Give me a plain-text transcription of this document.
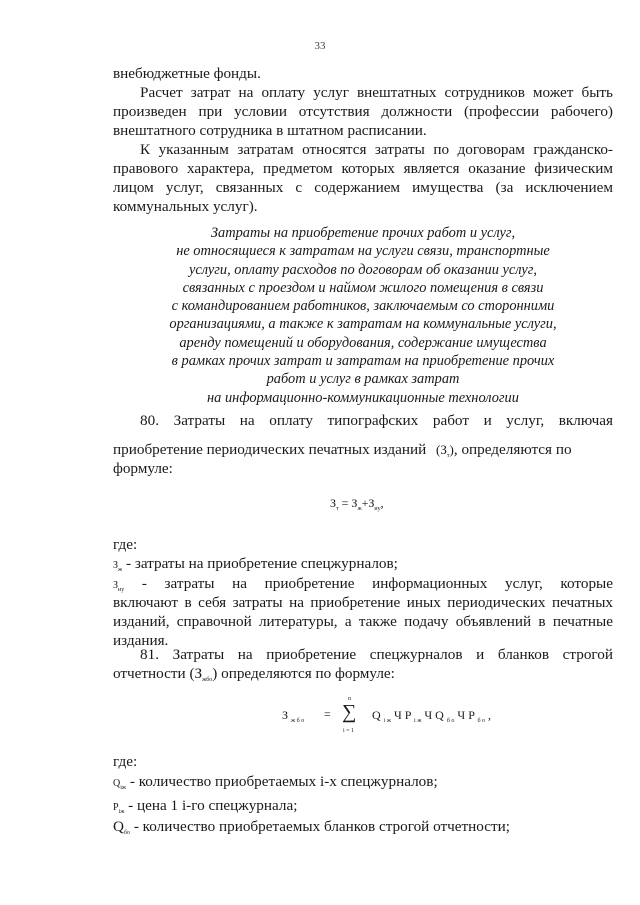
33
внебюджетные фонды.
Расчет затрат на оплату услуг внештатных сотрудников может быть произведен при условии отсутствия должности (профессии рабочего) внештатного сотрудника в штатном расписании.
К указанным затратам относятся затраты по договорам гражданско-правового характера, предметом которых является оказание физическим лицом услуг, связанных с содержанием имущества (за исключением коммунальных услуг).
Затраты на приобретение прочих работ и услуг,
не относящиеся к затратам на услуги связи, транспортные
услуги, оплату расходов по договорам об оказании услуг,
связанных с проездом и наймом жилого помещения в связи
с командированием работников, заключаемым со сторонними
организациями, а также к затратам на коммунальные услуги,
аренду помещений и оборудования, содержание имущества
в рамках прочих затрат и затратам на приобретение прочих
работ и услуг в рамках затрат
на информационно-коммуникационные технологии
80. Затраты на оплату типографских работ и услуг, включая
приобретение периодических печатных изданий $(З_т)$, определяются по
формуле:
$З_т = З_ж+З_{иу}$,
где:
Зж - затраты на приобретение спецжурналов;
Зиу - затраты на приобретение информационных услуг, которые
включают в себя затраты на приобретение иных периодических печатных изданий, справочной литературы, а также подачу объявлений в печатные издания.
81. Затраты на приобретение спецжурналов и бланков строгой
отчетности (Зжбо) определяются по формуле:
З $_{ж б о}$ =
n
∑
i = 1
Q $_{i ж}$ Ч P $_{i ж}$ Ч Q $_{б о}$ Ч P $_{б о}$ ,
где:
Qiж - количество приобретаемых i-х спецжурналов;
Piж - цена 1 i-го спецжурнала;
Qбо - количество приобретаемых бланков строгой отчетности;
